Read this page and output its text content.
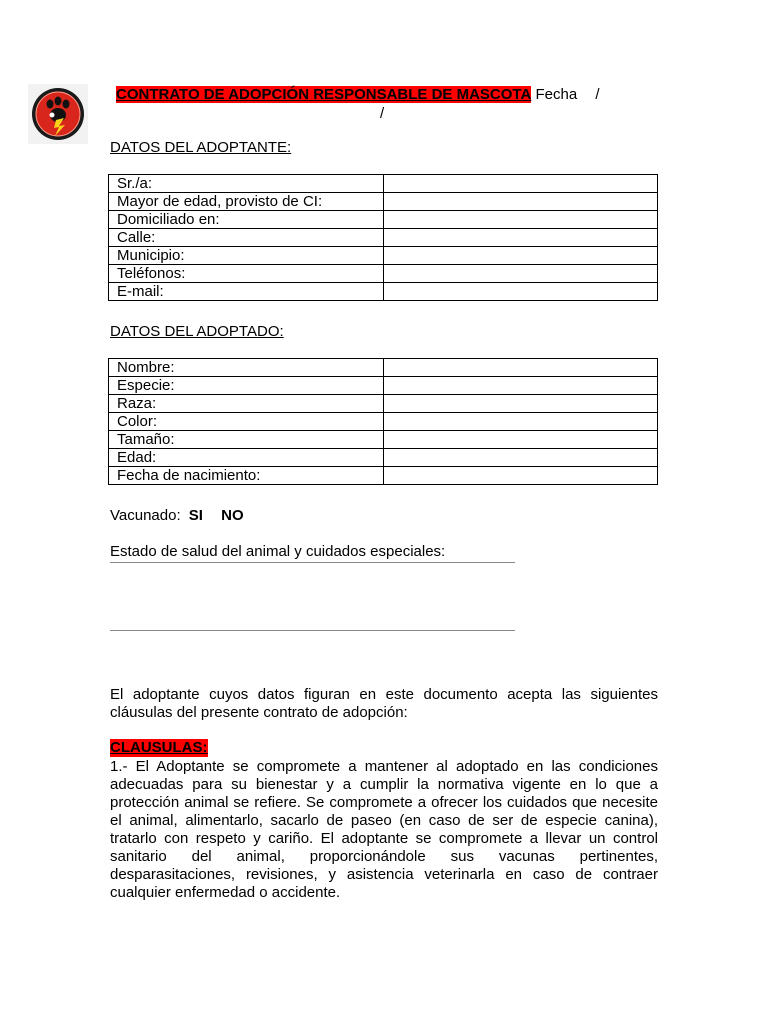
CONTRATO DE ADOPCIÓN RESPONSABLE DE MASCOTA Fecha /
/
DATOS DEL ADOPTANTE:
Sr./a:	
Mayor de edad, provisto de CI:	
Domiciliado en:	
Calle:	
Municipio:	
Teléfonos:	
E-mail:	
DATOS DEL ADOPTADO:
Nombre:	
Especie:	
Raza:	
Color:	
Tamaño:	
Edad:	
Fecha de nacimiento:	
Vacunado: SI NO
Estado de salud del animal y cuidados especiales:
El adoptante cuyos datos figuran en este documento acepta las siguientes cláusulas del presente contrato de adopción:
CLAUSULAS:
1.- El Adoptante se compromete a mantener al adoptado en las condiciones adecuadas para su bienestar y a cumplir la normativa vigente en lo que a protección animal se refiere. Se compromete a ofrecer los cuidados que necesite el animal, alimentarlo, sacarlo de paseo (en caso de ser de especie canina), tratarlo con respeto y cariño. El adoptante se compromete a llevar un control sanitario del animal, proporcionándole sus vacunas pertinentes, desparasitaciones, revisiones, y asistencia veterinarla en caso de contraer cualquier enfermedad o accidente.
